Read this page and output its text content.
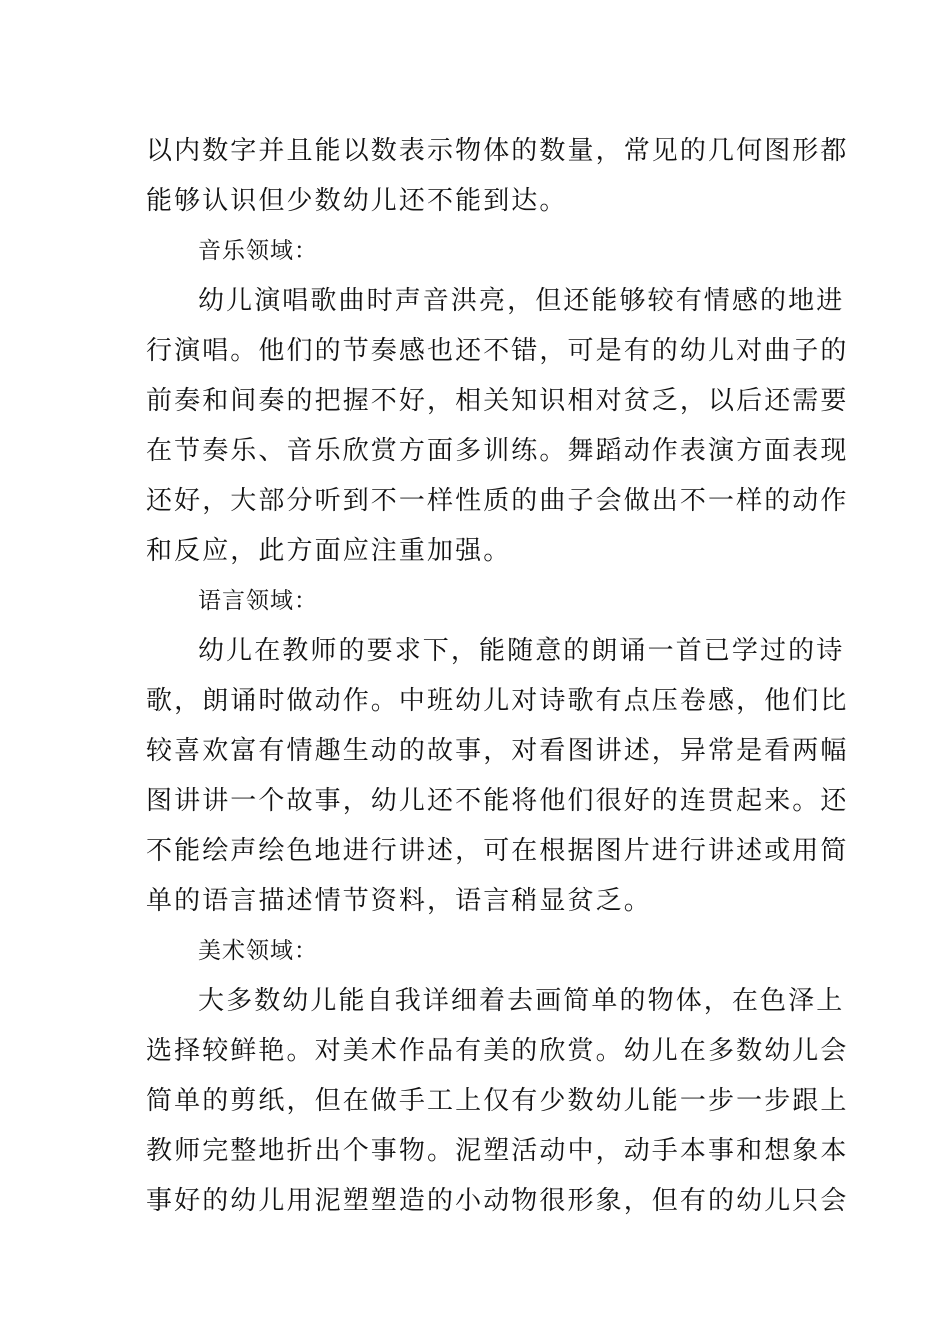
以内数字并且能以数表示物体的数量，常见的几何图形都
能够认识但少数幼儿还不能到达。
音乐领域：
幼儿演唱歌曲时声音洪亮，但还能够较有情感的地进
行演唱。他们的节奏感也还不错，可是有的幼儿对曲子的
前奏和间奏的把握不好，相关知识相对贫乏，以后还需要
在节奏乐、音乐欣赏方面多训练。舞蹈动作表演方面表现
还好，大部分听到不一样性质的曲子会做出不一样的动作
和反应，此方面应注重加强。
语言领域：
幼儿在教师的要求下，能随意的朗诵一首已学过的诗
歌，朗诵时做动作。中班幼儿对诗歌有点压卷感，他们比
较喜欢富有情趣生动的故事，对看图讲述，异常是看两幅
图讲讲一个故事，幼儿还不能将他们很好的连贯起来。还
不能绘声绘色地进行讲述，可在根据图片进行讲述或用简
单的语言描述情节资料，语言稍显贫乏。
美术领域：
大多数幼儿能自我详细着去画简单的物体，在色泽上
选择较鲜艳。对美术作品有美的欣赏。幼儿在多数幼儿会
简单的剪纸，但在做手工上仅有少数幼儿能一步一步跟上
教师完整地折出个事物。泥塑活动中，动手本事和想象本
事好的幼儿用泥塑塑造的小动物很形象，但有的幼儿只会
